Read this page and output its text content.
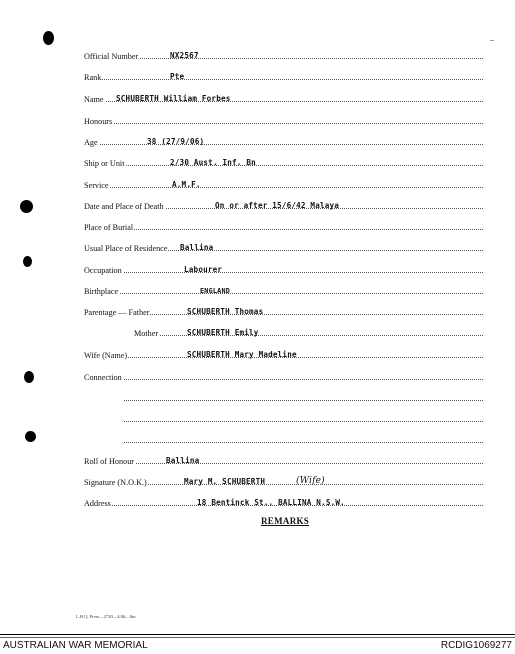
Official Number	NX2567
Rank	Pte
Name SCHUBERTH William Forbes
Honours
Age	38 (27/9/06)
Ship or Unit	2/30 Aust. Inf. Bn
Service	A.M.F.
Date and Place of Death	On or after 15/6/42 Malaya
Place of Burial
Usual Place of Residence Ballina
Occupation	Labourer
Birthplace	ENGLAND
Parentage — Father	SCHUBERTH Thomas
Mother	SCHUBERTH Emily
Wife (Name)	SCHUBERTH Mary Madeline
Connection
Roll of Honour	Ballina
Signature (N.O.K.)	Mary M. SCHUBERTH	(Wife)
Address	18 Bentinck St., BALLINA N.S.W.
REMARKS
L.H.Q. Press—2720—4/46—8m.
AUSTRALIAN WAR MEMORIAL	RCDIG1069277
